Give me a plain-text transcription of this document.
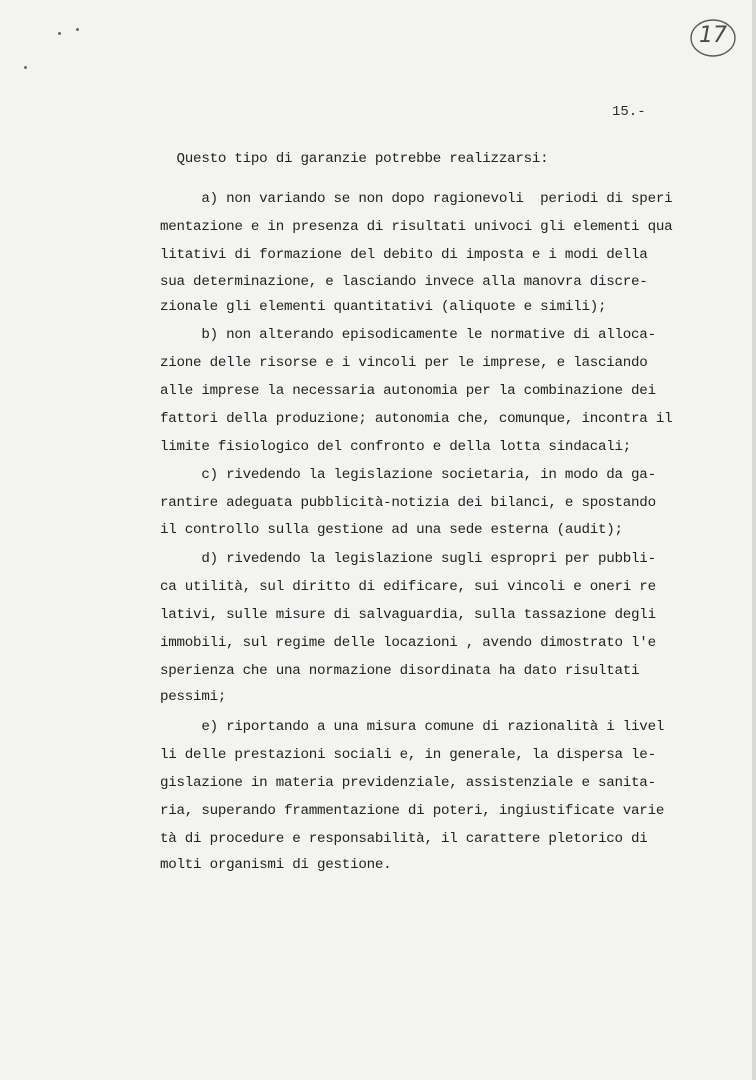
17
15.-
Questo tipo di garanzie potrebbe realizzarsi:
a) non variando se non dopo ragionevoli  periodi di speri
mentazione e in presenza di risultati univoci gli elementi qua
litativi di formazione del debito di imposta e i modi della
sua determinazione, e lasciando invece alla manovra discre-
zionale gli elementi quantitativi (aliquote e simili);
b) non alterando episodicamente le normative di alloca-
zione delle risorse e i vincoli per le imprese, e lasciando
alle imprese la necessaria autonomia per la combinazione dei
fattori della produzione; autonomia che, comunque, incontra il
limite fisiologico del confronto e della lotta sindacali;
c) rivedendo la legislazione societaria, in modo da ga-
rantire adeguata pubblicità-notizia dei bilanci, e spostando
il controllo sulla gestione ad una sede esterna (audit);
d) rivedendo la legislazione sugli espropri per pubbli-
ca utilità, sul diritto di edificare, sui vincoli e oneri re
lativi, sulle misure di salvaguardia, sulla tassazione degli
immobili, sul regime delle locazioni , avendo dimostrato l'e
sperienza che una normazione disordinata ha dato risultati
pessimi;
e) riportando a una misura comune di razionalità i livel
li delle prestazioni sociali e, in generale, la dispersa le-
gislazione in materia previdenziale, assistenziale e sanita-
ria, superando frammentazione di poteri, ingiustificate varie
tà di procedure e responsabilità, il carattere pletorico di
molti organismi di gestione.
